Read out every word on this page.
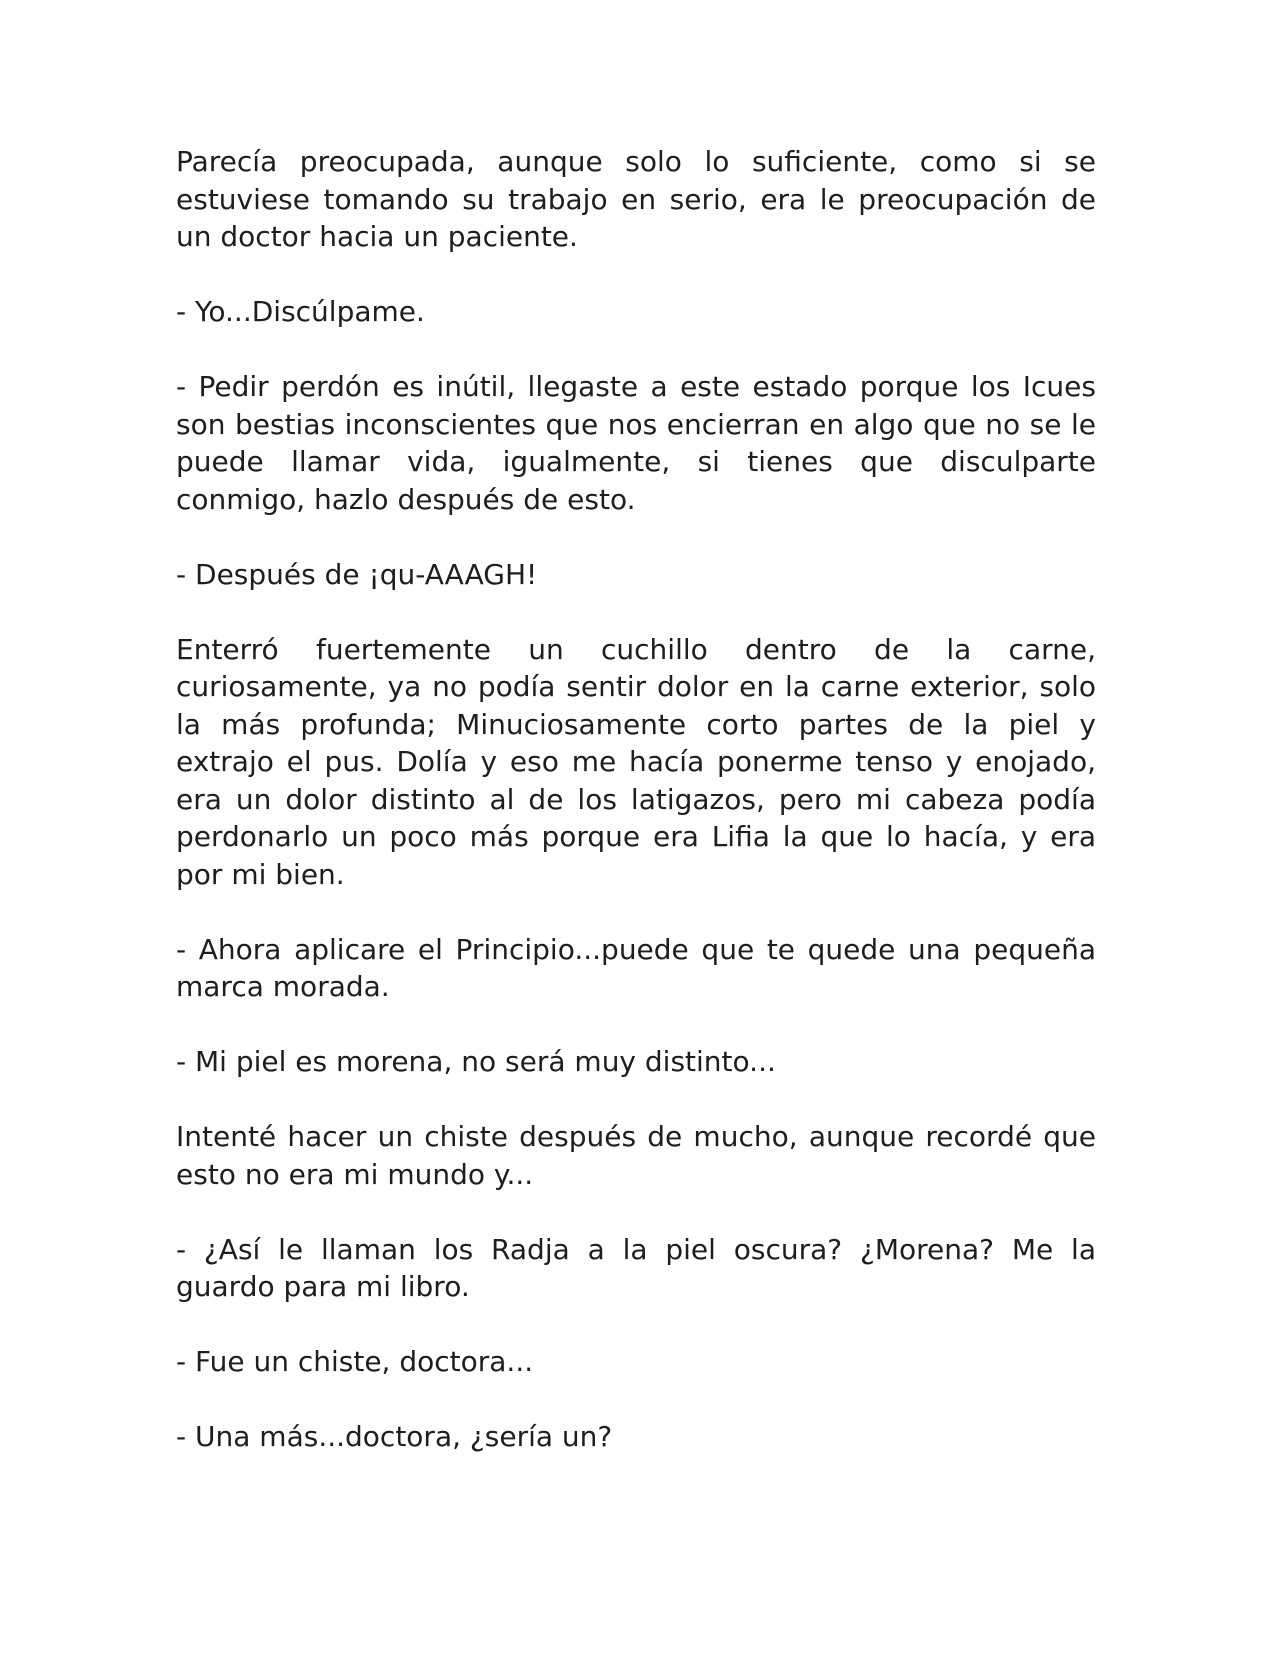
Parecía preocupada, aunque solo lo suficiente, como si se estuviese tomando su trabajo en serio, era le preocupación de un doctor hacia un paciente.

- Yo...Discúlpame.

- Pedir perdón es inútil, llegaste a este estado porque los Icues son bestias inconscientes que nos encierran en algo que no se le puede llamar vida, igualmente, si tienes que disculparte conmigo, hazlo después de esto.

- Después de ¡qu-AAAGH!

Enterró fuertemente un cuchillo dentro de la carne, curiosamente, ya no podía sentir dolor en la carne exterior, solo la más profunda; Minuciosamente corto partes de la piel y extrajo el pus. Dolía y eso me hacía ponerme tenso y enojado, era un dolor distinto al de los latigazos, pero mi cabeza podía perdonarlo un poco más porque era Lifia la que lo hacía, y era por mi bien.

- Ahora aplicare el Principio...puede que te quede una pequeña marca morada.

- Mi piel es morena, no será muy distinto...

Intenté hacer un chiste después de mucho, aunque recordé que esto no era mi mundo y...

- ¿Así le llaman los Radja a la piel oscura? ¿Morena? Me la guardo para mi libro.

- Fue un chiste, doctora...

- Una más...doctora, ¿sería un?
